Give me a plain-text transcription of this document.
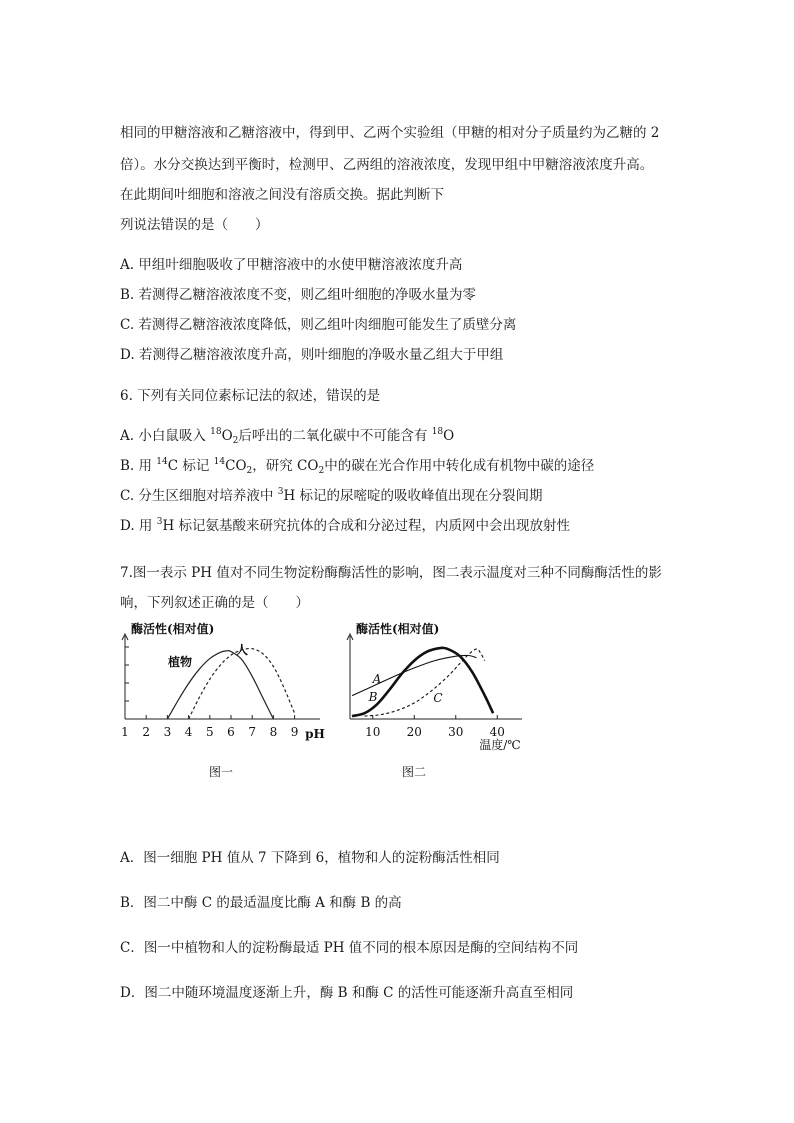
相同的甲糖溶液和乙糖溶液中，得到甲、乙两个实验组（甲糖的相对分子质量约为乙糖的 2
倍）。水分交换达到平衡时，检测甲、乙两组的溶液浓度，发现甲组中甲糖溶液浓度升高。
在此期间叶细胞和溶液之间没有溶质交换。据此判断下
列说法错误的是（　　）
A. 甲组叶细胞吸收了甲糖溶液中的水使甲糖溶液浓度升高
B. 若测得乙糖溶液浓度不变，则乙组叶细胞的净吸水量为零
C. 若测得乙糖溶液浓度降低，则乙组叶肉细胞可能发生了质壁分离
D. 若测得乙糖溶液浓度升高，则叶细胞的净吸水量乙组大于甲组
6. 下列有关同位素标记法的叙述，错误的是
A. 小白鼠吸入 $^{18}O_2$后呼出的二氧化碳中不可能含有 $^{18}$O
B. 用 $^{14}$C 标记 $^{14}CO_2$，研究 $CO_2$中的碳在光合作用中转化成有机物中碳的途径
C. 分生区细胞对培养液中 $^3$H 标记的尿嘧啶的吸收峰值出现在分裂间期
D. 用 $^3$H 标记氨基酸来研究抗体的合成和分泌过程，内质网中会出现放射性
7.图一表示 PH 值对不同生物淀粉酶酶活性的影响，图二表示温度对三种不同酶酶活性的影
响，下列叙述正确的是（　　）
1 2 3 4 5 6 7 8 9 pH
酶活性(相对值)
植物
人
图一
10 20 30 40
温度/℃
酶活性(相对值)
A
B	C
图二
A．图一细胞 PH 值从 7 下降到 6，植物和人的淀粉酶活性相同
B．图二中酶 C 的最适温度比酶 A 和酶 B 的高
C．图一中植物和人的淀粉酶最适 PH 值不同的根本原因是酶的空间结构不同
D．图二中随环境温度逐渐上升，酶 B 和酶 C 的活性可能逐渐升高直至相同
